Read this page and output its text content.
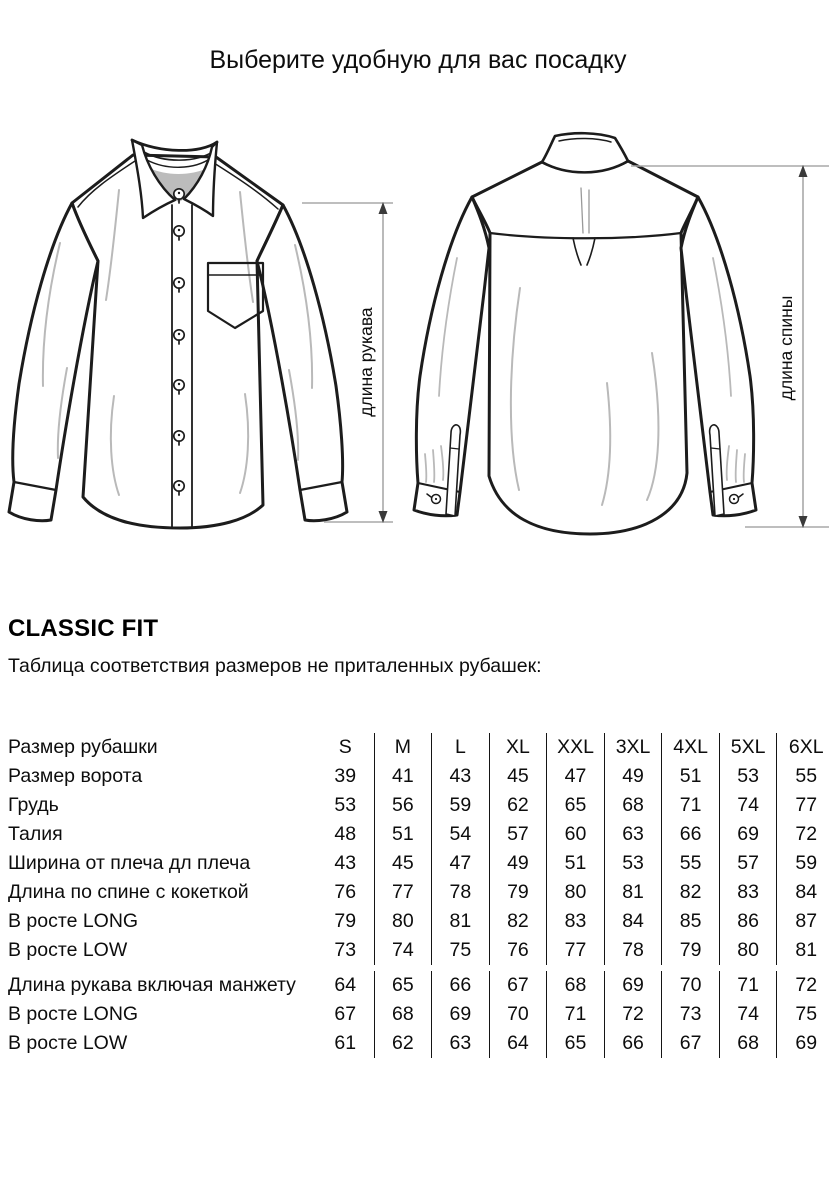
Выберите удобную для вас посадку
длина рукава	длина спины
CLASSIC FIT
Таблица соответствия размеров не приталенных рубашек:
Размер рубашки	S	M	L	XL	XXL	3XL	4XL	5XL	6XL
Размер ворота	39	41	43	45	47	49	51	53	55
Грудь	53	56	59	62	65	68	71	74	77
Талия	48	51	54	57	60	63	66	69	72
Ширина от плеча дл плеча	43	45	47	49	51	53	55	57	59
Длина по спине с кокеткой	76	77	78	79	80	81	82	83	84
В росте LONG	79	80	81	82	83	84	85	86	87
В росте LOW	73	74	75	76	77	78	79	80	81
Длина рукава включая манжету	64	65	66	67	68	69	70	71	72
В росте LONG	67	68	69	70	71	72	73	74	75
В росте LOW	61	62	63	64	65	66	67	68	69
